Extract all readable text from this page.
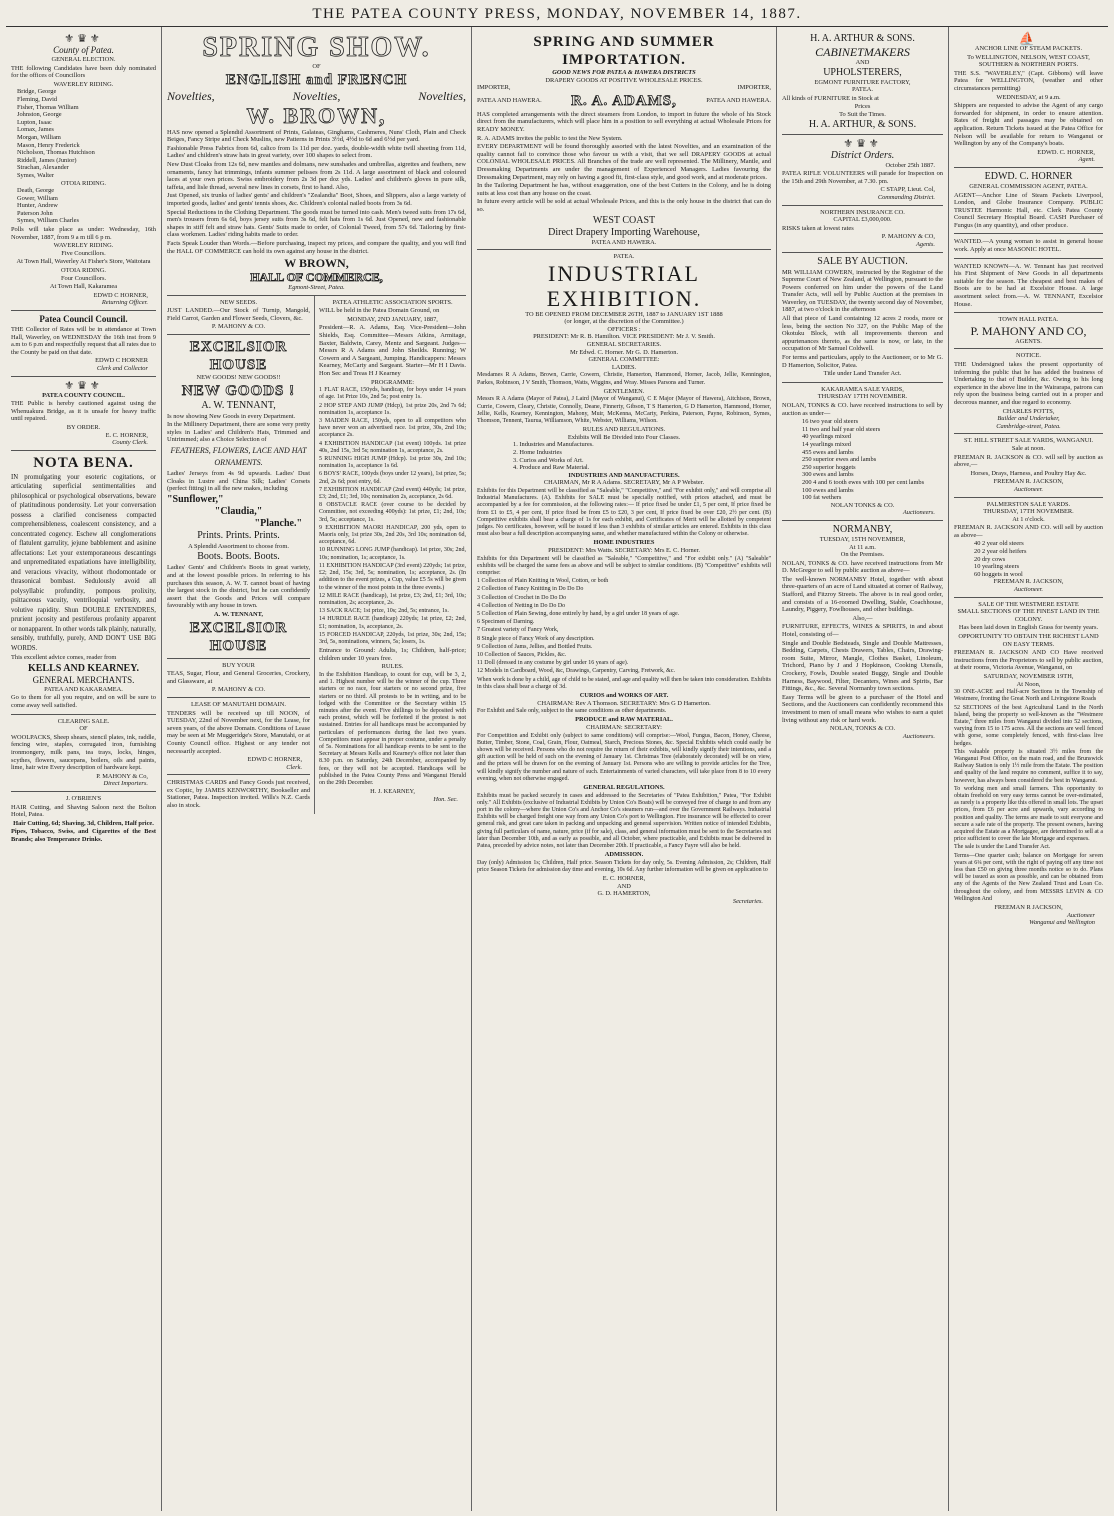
THE PATEA COUNTY PRESS, MONDAY, NOVEMBER 14, 1887.
⚜♛⚜
County of Patea.
GENERAL ELECTION.

THE following Candidates have been duly nominated for the offices of Councillors

WAVERLEY RIDING.

Bridge, George

Fleming, David

Fisher, Thomas William

Johnston, George

Lupton, Isaac

Lomax, James

Morgan, William

Mason, Henry Frederick

Nicholson, Thomas Hutchison

Riddell, James (Junior)

Strachan, Alexander

Symes, Walter

OTOIA RIDING.

Death, George

Gower, William

Hunter, Andrew

Paterson John

Symes, William Charles

Polls will take place as under: Wednesday, 16th November, 1887, from 9 a m till 6 p m.

WAVERLEY RIDING.
Five Councillors.

At Town Hall, Waverley At Fisher's Store, Waitotara

OTOIA RIDING.
Four Councillors.

At Town Hall, Kakaramea

EDWD C HORNER,
Returning Officer.
Patea Council Council.

THE Collector of Rates will be in attendance at Town Hall, Waverley, on WEDNESDAY the 16th inst from 9 a.m to 6 p.m and respectfully request that all rates due to the County be paid on that date.

EDWD C HORNER
Clerk and Collector
⚜♛⚜
PATEA COUNTY COUNCIL.

THE Public is hereby cautioned against using the Whenuakura Bridge, as it is unsafe for heavy traffic until repaired.

BY ORDER.
E. C. HORNER,
County Clerk.
NOTA BENA.

IN promulgating your esoteric cogitations, or articulating superficial sentimentalities and philosophical or psychological observations, beware of platitudinous ponderosity. Let your conversation possess a clarified conciseness compacted comprehensibleness, coalescent consistency, and a concentrated cogency. Eschew all conglomerations of flatulent garrulity, jejune babblement and asinine affectations: Let your extemporaneous descantings and unpremeditated expatiations have intelligibility, and veracious vivacity, without rhodomontade or thrasonical bombast. Sedulously avoid all polysyllabic profundity, pompous prolixity, psittaceous vacuity, ventriloquial verbosity, and volutive rapidity. Shun DOUBLE ENTENDRES, prurient jocosity and pestiferous profanity apparent or nonapparent. In other words talk plainly, naturally, sensibly, truthfully, purely, AND DON'T USE BIG WORDS.

This excellent advice comes, reader from

KELLS AND KEARNEY.
GENERAL MERCHANTS.
PATEA AND KAKARAMEA.

Go to them for all you require, and on will be sure to come away well satisfied.

CLEARING SALE.
OF

WOOLPACKS, Sheep shears, stencil plates, ink, raddle, fencing wire, staples, corrugated iron, furnishing ironmongery, milk pans, tea trays, locks, hinges, scythes, flowers, saucepans, boilers, oils and paints, lime, hair wire Every description of hardware kept.

P. MAHONY & Co,
Direct Importers.
J. O'BRIEN'S

HAIR Cutting, and Shaving Saloon next the Bolton Hotel, Patea.

Hair Cutting, 6d; Shaving, 3d, Children, Half price.

Pipes, Tobacco, Swiss, and Cigarettes of the Best Brands; also Temperance Drinks.

SPRING SHOW.
OF
ENGLISH and FRENCH
Novelties,	Novelties,	Novelties,
W. BROWN,

HAS now opened a Splendid Assortment of Prints, Galateas, Ginghams, Cashmeres, Nuns' Cloth, Plain and Check Beiges, Fancy Stripe and Check Muslins, new Patterns in Prints 3½d, 4½d to 6d and 6½d per yard.

Fashionable Press Fabrics from 6d, calico from 1s 11d per doz. yards, double-width white twill sheeting from 11d, Ladies' and children's straw hats in great variety, over 100 shapes to select from.

New Dust Cloaks from 12s 6d, new mantles and dolmans, new sunshades and umbrellas, aigrettes and feathers, new ornaments, fancy hat trimmings, infants summer pelisses from 2s 11d. A large assortment of black and coloured laces at your own prices. Swiss embroidery from 2s 3d per doz yds. Ladies' and children's gloves in pure silk, taffeta, and lisle thread, several new lines in corsets, first to hand. Also,

Just Opened, six trunks of ladies' gents' and children's "Zealandia" Boot, Shoes, and Slippers, also a large variety of imported goods, ladies' and gents' tennis shoes, &c. Children's colonial nailed boots from 3s 6d.

Special Reductions in the Clothing Department. The goods must be turned into cash. Men's tweed suits from 17s 6d, men's trousers from 6s 6d, boys jersey suits from 3s 6d, felt hats from 1s 6d. Just Opened, new and fashionable shapes in stiff felt and straw hats. Gents' Suits made to order, of Colonial Tweed, from 57s 6d. Tailoring by first-class workmen. Ladies' riding habits made to order.

Facts Speak Louder than Words.—Before purchasing, inspect my prices, and compare the quality, and you will find the HALL OF COMMERCE can hold its own against any house in the district.

W BROWN,
HALL OF COMMERCE,
Egmont-Street, Patea.
NEW SEEDS.

JUST LANDED.—Our Stock of Turnip, Mangold, Field Carrot, Garden and Flower Seeds, Clovers, &c.

P. MAHONY & CO.
EXCELSIOR HOUSE
NEW GOODS! NEW GOODS!!
NEW GOODS !
A. W. TENNANT,

Is now showing New Goods in every Department.

In the Millinery Department, there are some very pretty styles in Ladies' and Children's Hats, Trimmed and Untrimmed; also a Choice Selection of

FEATHERS, FLOWERS, LACE AND HAT ORNAMENTS.

Ladies' Jerseys from 4s 9d upwards. Ladies' Dust Cloaks in Lustre and China Silk; Ladies' Corsets (perfect fitting) in all the new makes, including

"Sunflower,"
"Claudia,"
"Planche."
Prints. Prints. Prints.

A Splendid Assortment to choose from.

Boots. Boots. Boots.

Ladies' Gents' and Children's Boots in great variety, and at the lowest possible prices. In referring to his purchases this season, A. W. T. cannot boast of having the largest stock in the district, but he can confidently assert that the Goods and Prices will compare favourably with any house in town.

A. W. TENNANT,
EXCELSIOR HOUSE
BUY YOUR

TEAS, Sugar, Flour, and General Groceries, Crockery, and Glassware, at

P. MAHONY & CO.
LEASE OF MANUTAHI DOMAIN.

TENDERS will be received up till NOON, of TUESDAY, 22nd of November next, for the Lease, for seven years, of the above Domain. Conditions of Lease may be seen at Mr Muggeridge's Store, Manutahi, or at County Council office. Highest or any tender not necessarily accepted.

EDWD C HORNER,
Clerk.

CHRISTMAS CARDS and Fancy Goods just received, ex Coptic, by JAMES KENWORTHY, Bookseller and Stationer, Patea. Inspection invited. Wills's N.Z. Cards also in stock.

PATEA ATHLETIC ASSOCIATION SPORTS.

WILL be held in the Patea Domain Ground, on

MONDAY, 2ND JANUARY, 1887,

President—R. A. Adams, Esq. Vice-President—John Shields, Esq. Committee—Messrs Atkins, Armitage, Baxter, Baldwin, Carey, Mentz and Sargeant. Judges—Messrs R A Adams and John Sheilds. Running; W Cowern and A Sargeant, Jumping. Handicappers: Messrs Kearney, McCarty and Sargeant. Starter—Mr H I Davis. Hon Sec and Treas H J Kearney

PROGRAMME:

1 FLAT RACE, 150yds, handicap, for boys under 14 years of age. 1st Prize 10s, 2nd 5s; post entry 1s.

2 HOP STEP AND JUMP (Hdcp), 1st prize 20s, 2nd 7s 6d; nomination 1s, acceptance 1s.

3 MAIDEN RACE, 150yds, open to all competitors who have never won an advertised race. 1st prize, 30s, 2nd 10s; acceptance 2s.

4 EXHIBITION HANDICAP (1st event) 100yds. 1st prize 40s, 2nd 15s, 3rd 5s; nomination 1s, acceptance, 2s.

5 RUNNING HIGH JUMP (Hdcp). 1st prize 30s, 2nd 10s; nomination 1s, acceptance 1s 6d.

6 BOYS' RACE, 100yds (boys under 12 years), 1st prize, 5s; 2nd, 2s 6d; post entry, 6d.

7 EXHIBITION HANDICAP (2nd event) 440yds; 1st prize, £3; 2nd, £1; 3rd, 10s; nomination 2s, acceptance, 2s 6d.

8 OBSTACLE RACE (over course to be decided by Committee, not exceeding 400yds): 1st prize, £1; 2nd, 10s; 3rd, 5s; acceptance, 1s.

9 EXHIBITION MAORI HANDICAP, 200 yds, open to Maoris only, 1st prize 30s, 2nd 20s, 3rd 10s; nomination 6d, acceptance, 6d.

10 RUNNING LONG JUMP (handicap). 1st prize, 30s; 2nd, 10s; nomination, 1s; acceptance, 1s.

11 EXHIBITION HANDICAP (3rd event) 220yds; 1st prize, £2; 2nd, 15s; 3rd, 5s; nomination, 1s; acceptance, 2s. (In addition to the event prizes, a Cup, value £5 5s will be given to the winner of the most points in the three events.)

12 MILE RACE (handicap), 1st prize, £3; 2nd, £1; 3rd, 10s; nomination, 2s; acceptance, 2s.

13 SACK RACE; 1st prize, 10s; 2nd, 5s; entrance, 1s.

14 HURDLE RACE (handicap) 220yds; 1st prize, £2; 2nd, £1; nomination, 1s, acceptance, 2s.

15 FORCED HANDICAP, 220yds, 1st prize, 30s; 2nd, 15s; 3rd, 5s, nominations, winners, 5s; losers, 1s.

Entrance to Ground: Adults, 1s; Children, half-price; children under 10 years free.

RULES.

In the Exhibition Handicap, to count for cup, will be 3, 2, and 1. Highest number will be the winner of the cup. Three starters or no race, four starters or no second prize, five starters or no third. All protests to be in writing, and to be lodged with the Committee or the Secretary within 15 minutes after the event. Five shillings to be deposited with each protest, which will be forfeited if the protest is not sustained. Entries for all handicaps must be accompanied by particulars of performances during the last two years. Competitors must appear in proper costume, under a penalty of 5s. Nominations for all handicap events to be sent to the Secretary at Messrs Kells and Kearney's office not later than 8.30 p.m. on Saturday, 24th December, accompanied by fees, or they will not be accepted. Handicaps will be published in the Patea County Press and Wanganui Herald on the 29th December.

H. J. KEARNEY,
Hon. Sec.
SPRING AND SUMMER
IMPORTATION.
GOOD NEWS FOR PATEA & HAWERA DISTRICTS
DRAPERY GOODS AT POSITIVE WHOLESALE PRICES.
IMPORTER,	IMPORTER,
PATEA AND HAWERA. R. A. ADAMS,	PATEA AND HAWERA.

HAS completed arrangements with the direct steamers from London, to import in future the whole of his Stock direct from the manufacturers, which will place him in a position to sell everything at actual Wholesale Prices for READY MONEY.

R. A. ADAMS invites the public to test the New System.

EVERY DEPARTMENT will be found thoroughly assorted with the latest Novelties, and an examination of the quality cannot fail to convince those who favour us with a visit, that we sell DRAPERY GOODS at actual COLONIAL WHOLESALE PRICES. All Branches of the trade are well represented. The Millinery, Mantle, and Dressmaking Departments are under the management of Experienced Managers. Ladies favouring the Dressmaking Department, may rely on having a good fit, first-class style, and good work, and at moderate prices.

In the Tailoring Department he has, without exaggeration, one of the best Cutters in the Colony, and he is doing suits at less cost than any house on the coast.

In future every article will be sold at actual Wholesale Prices, and this is the only house in the district that can do so.

WEST COAST
Direct Drapery Importing Warehouse,
PATEA AND HAWERA.
PATEA.
INDUSTRIAL EXHIBITION.
TO BE OPENED FROM DECEMBER 26TH, 1887 to JANUARY 1ST 1888
(or longer, at the discretion of the Committee.)
OFFICERS :
PRESIDENT: Mr R. B. Hamilton. VICE PRESIDENT: Mr J. V. Smith.
GENERAL SECRETARIES.
Mr Edwd. C. Horner. Mr G. D. Hamerton.
GENERAL COMMITTEE:
LADIES.

Mesdames R A Adams, Brown, Carrie, Cowern, Christie, Hamerton, Hammond, Horner, Jacob, Jellie, Kennington, Parkes, Robinson, J V Smith, Thomson, Watts, Wiggins, and Wray. Misses Parsons and Turner.

GENTLEMEN.

Messrs R A Adams (Mayor of Patea), J Laird (Mayor of Wanganui), C E Major (Mayor of Hawera), Aitchison, Brown, Currie, Cowern, Cleary, Christie, Connolly, Deane, Finnerty, Gibson, T S Hamerton, G D Hamerton, Hammond, Horner, Jellie, Kells, Kearney, Kennington, Mahony, Muir, McKenna, McCarty, Perkins, Paterson, Payne, Robinson, Symes, Thomson, Tennent, Taurua, Williamson, White, Webster, Williams, Wilson.

RULES AND REGULATIONS.
Exhibits Will Be Divided into Four Classes.

1. Industries and Manufactures.

2. Home Industries

3. Curios and Works of Art.

4. Produce and Raw Material.

INDUSTRIES AND MANUFACTURES.
CHAIRMAN, Mr R A Adams. SECRETARY, Mr A P Webster.

Exhibits for this Department will be classified as "Saleable," "Competitive," and "For exhibit only," and will comprise all Industrial Manufactures. (A). Exhibits for SALE must be specially notified, with prices attached, and must be accompanied by a fee for commission, at the following rates:— If price fixed be under £1, 5 per cent, If price fixed be from £1 to £5, 4 per cent, If price fixed be from £5 to £20, 3 per cent, If price fixed be over £20, 2½ per cent. (B) Competitive exhibits shall bear a charge of 1s for each exhibit, and Certificates of Merit will be allotted by competent judges. No certificates, however, will be issued if less than 3 exhibits of similar articles are entered. Exhibits in this class must also bear a full description accompanying same, and whether manufactured within the Colony or otherwise.

HOME INDUSTRIES
PRESIDENT: Mrs Watts. SECRETARY: Mrs E. C. Horner.

Exhibits for this Department will be classified as "Saleable," "Competitive," and "For exhibit only." (A) "Saleable" exhibits will be charged the same fees as above and will be subject to similar conditions. (B) "Competitive" exhibits will comprise:

1 Collection of Plain Knitting in Wool, Cotton, or both

2 Collection of Fancy Knitting in Do Do Do

3 Collection of Crochet in Do Do Do

4 Collection of Netting in Do Do Do

5 Collection of Plain Sewing, done entirely by hand, by a girl under 18 years of age.

6 Specimen of Darning.

7 Greatest variety of Fancy Work,

8 Single piece of Fancy Work of any description.

9 Collection of Jams, Jellies, and Bottled Fruits.

10 Collection of Sauces, Pickles, &c.

11 Doll (dressed in any costume by girl under 16 years of age).

12 Models in Cardboard, Wood, &c, Drawings, Carpentry, Carving, Fretwork, &c.

When work is done by a child, age of child to be stated, and age and quality will then be taken into consideration. Exhibits in this class shall bear a charge of 3d.

CURIOS and WORKS OF ART.
CHAIRMAN: Rev A Thomson. SECRETARY: Mrs G D Hamerton.

For Exhibit and Sale only, subject to the same conditions as other departments.

PRODUCE and RAW MATERIAL.
CHAIRMAN: SECRETARY:

For Competition and Exhibit only (subject to same conditions) will comprise:—Wool, Fungus, Bacon, Honey, Cheese, Butter, Timber, Stone, Coal, Grain, Flour, Oatmeal, Starch, Precious Stones, &c. Special Exhibits which could easily be shown will be received. Persons who do not require the return of their exhibits, will kindly signify their intentions, and a gift auction will be held of such on the evening of January 1st. Christmas Tree (elaborately decorated) will be on view, and the prizes will be drawn for on the evening of January 1st. Persons who are willing to provide articles for the Tree, will kindly signify the number and nature of such. Entertainments of varied characters, will take place from 8 to 10 every evening, when not otherwise engaged.

GENERAL REGULATIONS.

Exhibits must be packed securely in cases and addressed to the Secretaries of "Patea Exhibition," Patea, "For Exhibit only." All Exhibits (exclusive of Industrial Exhibits by Union Co's Boats) will be conveyed free of charge to and from any port in the colony—where the Union Co's and Anchor Co's steamers run—and over the Government Railways. Industrial Exhibits will be charged freight one way from any Union Co's port to Wellington. Fire insurance will be effected to cover general risk, and great care taken in packing and unpacking and general supervision. Written notice of intended Exhibits, giving full particulars of name, nature, price (if for sale), class, and general information must be sent to the Secretaries not later than December 10th, and as early as possible, and all October, where practicable, and Exhibits must be delivered in Patea, preceded by advice notes, not later than December 20th. If practicable, a Fancy Fayre will also be held.

ADMISSION.

Day (only) Admission 1s; Children, Half price. Season Tickets for day only, 5s. Evening Admission, 2s; Children, Half price Season Tickets for admission day time and evening, 10s 6d. Any further information will be given on application to

E. C. HORNER,
AND
G. D. HAMERTON,
Secretaries.
H. A. ARTHUR & SONS.
CABINETMAKERS
AND
UPHOLSTERERS,
EGMONT FURNITURE FACTORY,
PATEA.

All kinds of FURNITURE in Stock at

Prices
To Suit the Times.
H. A. ARTHUR, & SONS.
⚜♛⚜
District Orders.
October 25th 1887.

PATEA RIFLE VOLUNTEERS will parade for Inspection on the 15th and 29th November, at 7.30. pm.

C STAPP, Lieut. Col,
Commanding District.
NORTHERN INSURANCE CO.
CAPITAL £3,000,000.

RISKS taken at lowest rates

P. MAHONY & CO,
Agents.
SALE BY AUCTION.

MR WILLIAM COWERN, instructed by the Registrar of the Supreme Court of New Zealand, at Wellington, pursuant to the Powers conferred on him under the powers of the Land Transfer Acts, will sell by Public Auction at the premises in Waverley, on TUESDAY, the twenty second day of November, 1887, at two o'clock in the afternoon

All that piece of Land containing 12 acres 2 roods, more or less, being the section No 327, on the Public Map of the Okotuku Block, with all improvements thereon and appurtenances thereto, as the same is now, or late, in the occupation of Mr Samuel Coldwell.

For terms and particulars, apply to the Auctioneer, or to Mr G. D Hamerton, Solicitor, Patea.

Title under Land Transfer Act.

KAKARAMEA SALE YARDS,
THURSDAY 17TH NOVEMBER.

NOLAN, TONKS & CO. have received instructions to sell by auction as under—

16 two year old steers

11 two and half year old steers

40 yearlings mixed

14 yearlings mixed

455 ewes and lambs

250 superior ewes and lambs

250 superior hoggets

300 ewes and lambs

200 4 and 6 tooth ewes with 100 per cent lambs

100 ewes and lambs

100 fat wethers

NOLAN TONKS & CO.
Auctioneers.
NORMANBY,
TUESDAY, 15TH NOVEMBER,
At 11 a.m.
On the Premises.

NOLAN, TONKS & CO. have received instructions from Mr D. McGregor to sell by public auction as above—

The well-known NORMANBY Hotel, together with about three-quarters of an acre of Land situated at corner of Railway, Stafford, and Fitzroy Streets. The above is in real good order, and consists of a 16-roomed Dwelling, Stable, Coachhouse, Laundry, Piggery, Fowlhouses, and other buildings.

Also,—

FURNITURE, EFFECTS, WINES & SPIRITS, in and about Hotel, consisting of—

Single and Double Bedsteads, Single and Double Mattresses, Bedding, Carpets, Chests Drawers, Tables, Chairs, Drawing-room Suite, Mirror, Mangle, Clothes Basket, Linoleum, Trichord, Piano by J and J Hopkinson, Cooking Utensils, Crockery, Fowls, Double seated Buggy, Single and Double Harness, Baywood, Filter, Decanters, Wines and Spirits, Bar Fittings, &c., &c. Several Normanby town sections.

Easy Terms will be given to a purchaser of the Hotel and Sections, and the Auctioneers can confidently recommend this investment to men of small means who wishes to earn a quiet living without any risk or hard work.

NOLAN, TONKS & CO.
Auctioneers.
⛵
ANCHOR LINE OF STEAM PACKETS.

To WELLINGTON, NELSON, WEST COAST, SOUTHERN & NORTHERN PORTS.

THE S.S. "WAVERLEY," (Capt. Gibbons) will leave Patea for WELLINGTON, (weather and other circumstances permitting)

WEDNESDAY, at 9 a.m.

Shippers are requested to advise the Agent of any cargo forwarded for shipment, in order to ensure attention. Rates of freight and passages may be obtained on application. Return Tickets issued at the Patea Office for Nelson will be available for return to Wanganui or Wellington by any of the Company's boats.

EDWD. C. HORNER,
Agent.
EDWD. C. HORNER
GENERAL COMMISSION AGENT, PATEA.

AGENT—Anchor Line of Steam Packets Liverpool, London, and Globe Insurance Company. PUBLIC TRUSTEE Harmonic Hall, etc. Clerk Patea County Council Secretary Hospital Board. CASH Purchaser of Fungus (in any quantity), and other produce.

WANTED.—A young woman to assist in general house work. Apply at once MASONIC HOTEL.

WANTED KNOWN—A. W. Tennant has just received his First Shipment of New Goods in all departments suitable for the season. The cheapest and best makes of Boots are to be had at Excelsior House. A large assortment select from.—A. W. TENNANT, Excelsior House.

TOWN HALL PATEA.
P. MAHONY AND CO,
AGENTS.
NOTICE.

THE Undersigned takes the present opportunity of informing the public that he has added the business of Undertaking to that of Builder, &c. Owing to his long experience in the above line in the Wairarapa, patrons can rely upon the business being carried out in a proper and decorous manner, and due regard to economy.

CHARLES POTTS,
Builder and Undertaker,
Cambridge-street, Patea.
ST. HILL STREET SALE YARDS, WANGANUI.
Sale at noon.

FREEMAN R. JACKSON & CO. will sell by auction as above,—

Horses, Drays, Harness, and Poultry Hay &c.

FREEMAN R. JACKSON,
Auctioneer.
PALMERSTON SALE YARDS.
THURSDAY, 17TH NOVEMBER.
At 1 o'clock.

FREEMAN R. JACKSON AND CO. will sell by auction as above—

40 2 year old steers

20 2 year old heifers

20 dry cows

10 yearling steers

60 hoggets in wool

FREEMAN R. JACKSON,
Auctioneer.
SALE OF THE WESTMERE ESTATE
SMALL SECTIONS OF THE FINEST LAND IN THE COLONY.

Has been laid down in English Grass for twenty years.

OPPORTUNITY TO OBTAIN THE RICHEST LAND ON EASY TERMS.

FREEMAN R. JACKSON AND CO Have received instructions from the Proprietors to sell by public auction, at their rooms, Victoria Avenue, Wanganui, on

SATURDAY, NOVEMBER 19TH,
At Noon,

30 ONE-ACRE and Half-acre Sections in the Township of Westmere, fronting the Great North and Livingstone Roads

52 SECTIONS of the best Agricultural Land in the North Island, being the property so well-known as the "Westmere Estate," three miles from Wanganui divided into 52 sections, varying from 15 to 175 acres. All the sections are well fenced with gorse, some completely fenced, with first-class live hedges.

This valuable property is situated 3½ miles from the Wanganui Post Office, on the main road, and the Brunswick Railway Station is only 1½ mile from the Estate. The position and quality of the land require no comment, suffice it to say, however, has always been considered the best in Wanganui.

To working men and small farmers. This opportunity to obtain freehold on very easy terms cannot be over-estimated, as rarely is a property like this offered in small lots. The upset prices, from £6 per acre and upwards, vary according to position and quality. The terms are made to suit everyone and secure a safe rate of the property. The present owners, having acquired the Estate as a Mortgagee, are determined to sell at a price sufficient to cover the late Mortgage and expenses.

The sale is under the Land Transfer Act.

Terms—One quarter cash; balance on Mortgage for seven years at 6¼ per cent, with the right of paying off any time not less than £50 on giving three months notice so to do. Plans will be issued as soon as possible, and can be obtained from any of the Agents of the New Zealand Trust and Loan Co. throughout the colony, and from MESSRS LEVIN & CO Wellington And

FREEMAN R JACKSON,
Auctioneer
Wanganui and Wellington
